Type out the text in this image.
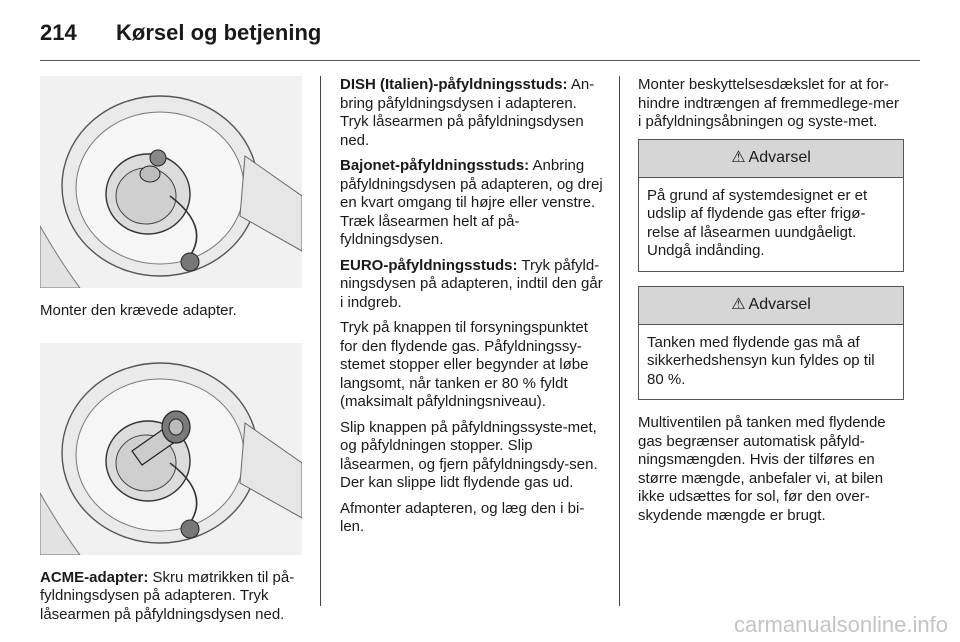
214 Kørsel og betjening

Monter den krævede adapter.

ACME-adapter: Skru møtrikken til på-fyldningsdysen på adapteren. Tryk låsearmen på påfyldningsdysen ned.

DISH (Italien)-påfyldningsstuds: An-bring påfyldningsdysen i adapteren. Tryk låsearmen på påfyldningsdysen ned.

Bajonet-påfyldningsstuds: Anbring påfyldningsdysen på adapteren, og drej en kvart omgang til højre eller venstre. Træk låsearmen helt af på-fyldningsdysen.

EURO-påfyldningsstuds: Tryk påfyld-ningsdysen på adapteren, indtil den går i indgreb.

Tryk på knappen til forsyningspunktet for den flydende gas. Påfyldningssy-stemet stopper eller begynder at løbe langsomt, når tanken er 80 % fyldt (maksimalt påfyldningsniveau).

Slip knappen på påfyldningssyste-met, og påfyldningen stopper. Slip låsearmen, og fjern påfyldningsdy-sen. Der kan slippe lidt flydende gas ud.

Afmonter adapteren, og læg den i bi-len.

Monter beskyttelsesdækslet for at for-hindre indtrængen af fremmedlege-mer i påfyldningsåbningen og syste-met.

⚠ Advarsel
På grund af systemdesignet er et udslip af flydende gas efter frigø-relse af låsearmen uundgåeligt. Undgå indånding.
⚠ Advarsel
Tanken med flydende gas må af sikkerhedshensyn kun fyldes op til 80 %.

Multiventilen på tanken med flydende gas begrænser automatisk påfyld-ningsmængden. Hvis der tilføres en større mængde, anbefaler vi, at bilen ikke udsættes for sol, før den over-skydende mængde er brugt.

carmanualsonline.info
